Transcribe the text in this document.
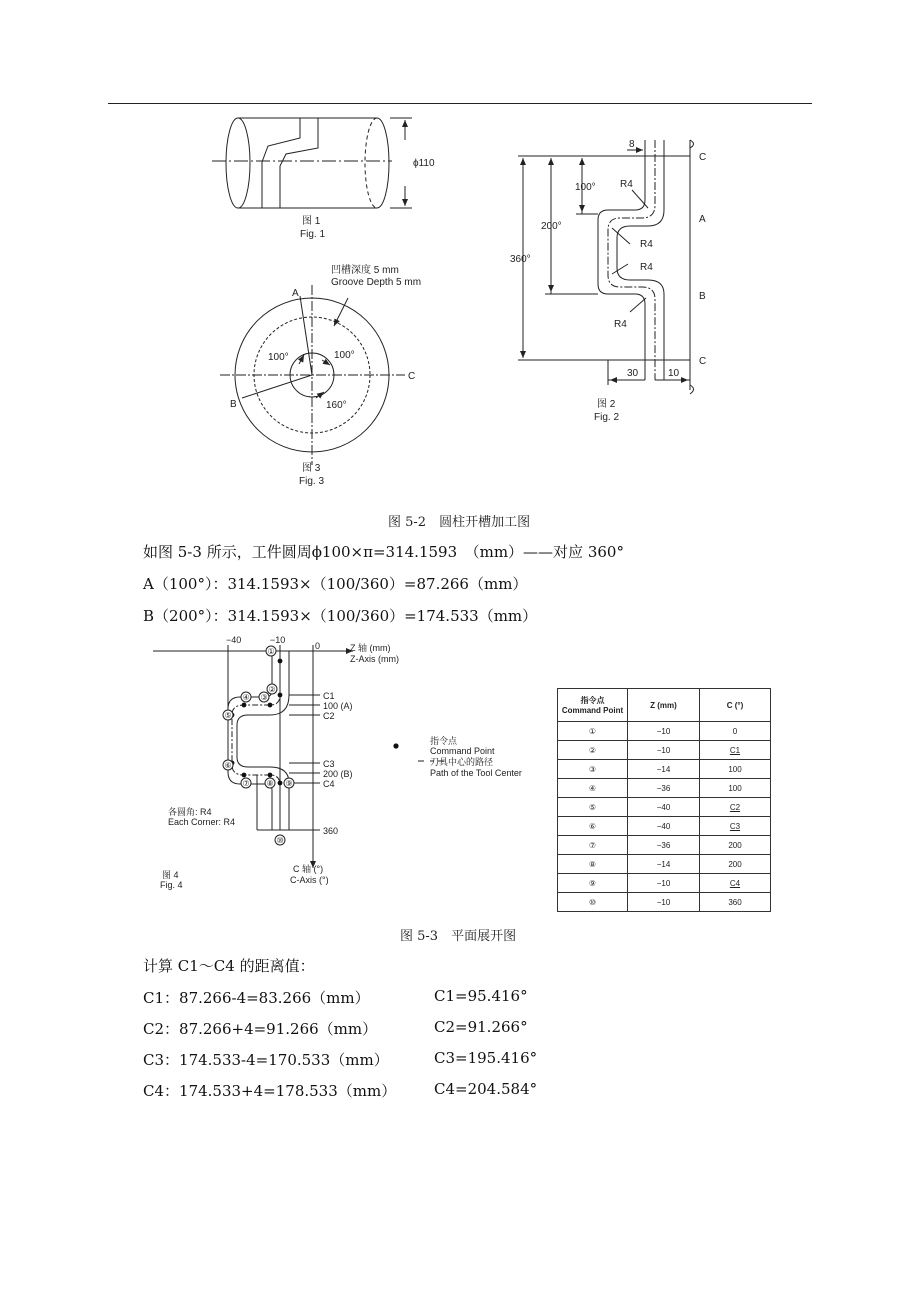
ϕ110
图 1
Fig. 1
8
100°
200°
360°
R4
R4
R4
R4
C
A
B
C
30	10
图 2
Fig. 2
凹槽深度 5 mm
Groove Depth 5 mm
A
B
C
100°	100°
160°
图 3
Fig. 3
①
②
③
④
⑤
⑥
⑦ ⑧ ⑨
⑩
−40	−10
0	Z 轴 (mm)
Z-Axis (mm)
C1
100 (A)
C2
C3
200 (B)
C4
360
C 轴 (°)
C-Axis (°)
各圆角: R4
Each Corner: R4
指令点
Command Point
刀具中心的路径
Path of the Tool Center
图 4
Fig. 4
图 5-2　圆柱开槽加工图
如图 5-3 所示，工件圆周ϕ100×π=314.1593　（mm）——对应 360°
A（100°）：314.1593×（100/360）=87.266（mm）
B（200°）：314.1593×（100/360）=174.533（mm）
指令点
Command Point	Z (mm)	C (°)
①	−10	0
②	−10	C1
③	−14	100
④	−36	100
⑤	−40	C2
⑥	−40	C3
⑦	−36	200
⑧	−14	200
⑨	−10	C4
⑩	−10	360
图 5-3　平面展开图
计算 C1～C4 的距离值：
C1：87.266-4=83.266（mm）	C1=95.416°
C2：87.266+4=91.266（mm）	C2=91.266°
C3：174.533-4=170.533（mm）	C3=195.416°
C4：174.533+4=178.533（mm）	C4=204.584°
